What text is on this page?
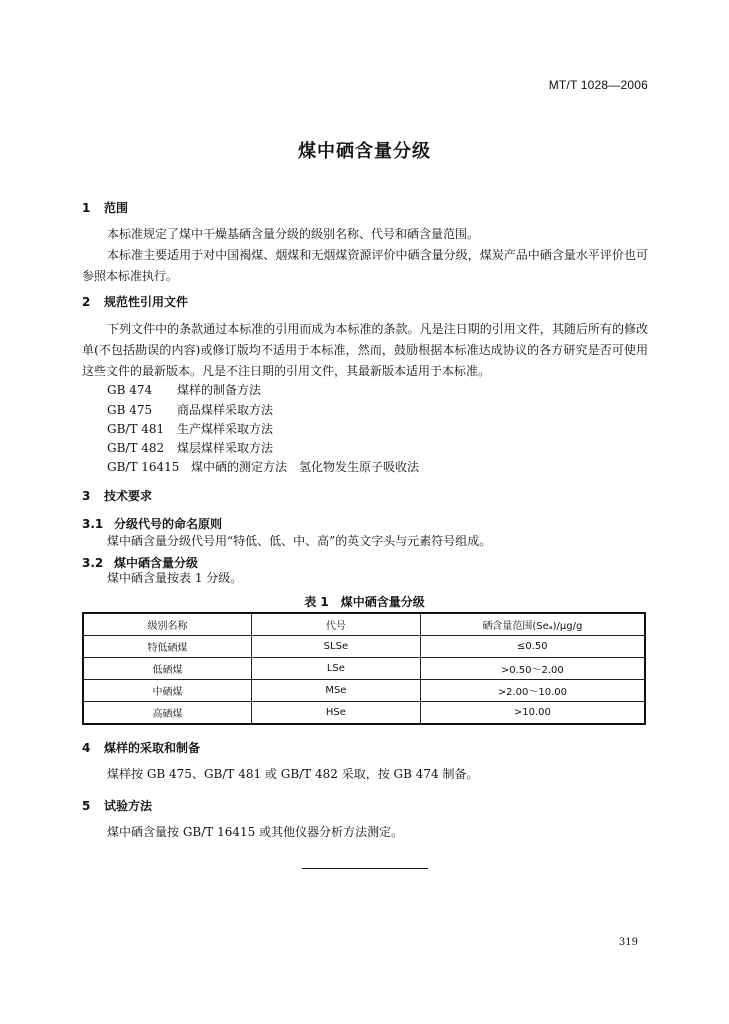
MT/T 1028—2006
煤中硒含量分级
1 范围
本标准规定了煤中干燥基硒含量分级的级别名称、代号和硒含量范围。
本标准主要适用于对中国褐煤、烟煤和无烟煤资源评价中硒含量分级，煤炭产品中硒含量水平评价也可参照本标准执行。
2 规范性引用文件
下列文件中的条款通过本标准的引用而成为本标准的条款。凡是注日期的引用文件，其随后所有的修改单(不包括勘误的内容)或修订版均不适用于本标准，然而，鼓励根据本标准达成协议的各方研究是否可使用这些文件的最新版本。凡是不注日期的引用文件，其最新版本适用于本标准。
GB 474 煤样的制备方法
GB 475 商品煤样采取方法
GB/T 481 生产煤样采取方法
GB/T 482 煤层煤样采取方法
GB/T 16415 煤中硒的测定方法　氢化物发生原子吸收法
3 技术要求
3.1 分级代号的命名原则
煤中硒含量分级代号用“特低、低、中、高”的英文字头与元素符号组成。
3.2 煤中硒含量分级
煤中硒含量按表 1 分级。
表 1　煤中硒含量分级
级别名称	代号	硒含量范围(Seₐ)/μg/g
特低硒煤	SLSe	≤0.50
低硒煤	LSe	>0.50～2.00
中硒煤	MSe	>2.00～10.00
高硒煤	HSe	>10.00
4 煤样的采取和制备
煤样按 GB 475、GB/T 481 或 GB/T 482 采取，按 GB 474 制备。
5 试验方法
煤中硒含量按 GB/T 16415 或其他仪器分析方法测定。
319
